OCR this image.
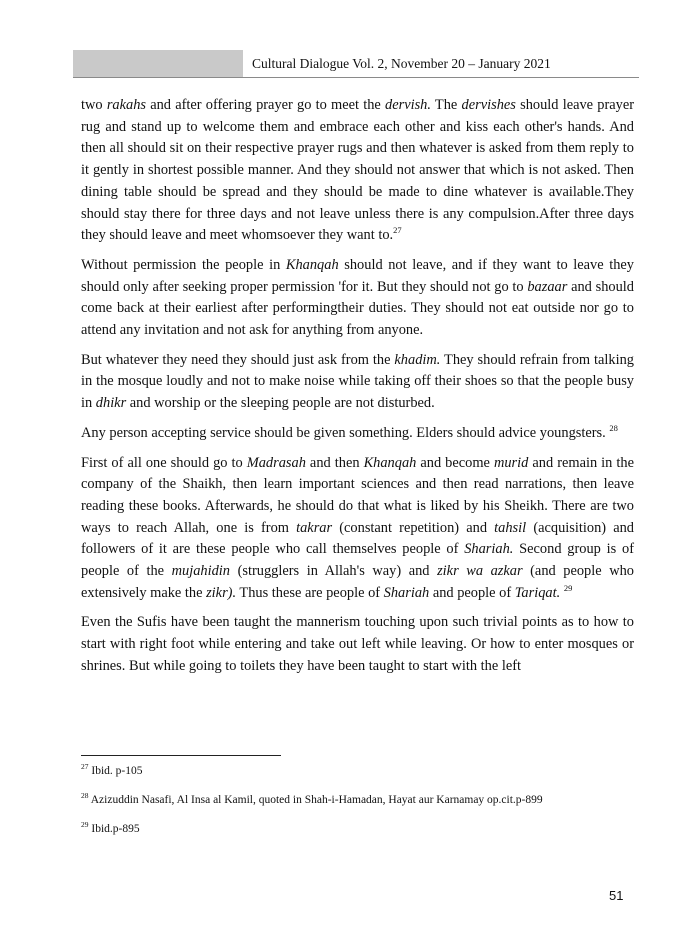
Cultural Dialogue Vol. 2, November 20 – January 2021

two rakahs and after offering prayer go to meet the dervish. The dervishes should leave prayer rug and stand up to welcome them and embrace each other and kiss each other's hands. And then all should sit on their respective prayer rugs and then whatever is asked from them reply to it gently in shortest possible manner. And they should not answer that which is not asked. Then dining table should be spread and they should be made to dine whatever is available.They should stay there for three days and not leave unless there is any compulsion.After three days they should leave and meet whomsoever they want to.$^{27}$

Without permission the people in Khanqah should not leave, and if they want to leave they should only after seeking proper permission 'for it. But they should not go to bazaar and should come back at their earliest after performingtheir duties. They should not eat outside nor go to attend any invitation and not ask for anything from anyone.

But whatever they need they should just ask from the khadim. They should refrain from talking in the mosque loudly and not to make noise while taking off their shoes so that the people busy in dhikr and worship or the sleeping people are not disturbed.

Any person accepting service should be given something. Elders should advice youngsters. $^{28}$

First of all one should go to Madrasah and then Khanqah and become murid and remain in the company of the Shaikh, then learn important sciences and then read narrations, then leave reading these books. Afterwards, he should do that what is liked by his Sheikh. There are two ways to reach Allah, one is from takrar (constant repetition) and tahsil (acquisition) and followers of it are these people who call themselves people of Shariah. Second group is of people of the mujahidin (strugglers in Allah's way) and zikr wa azkar (and people who extensively make the zikr). Thus these are people of Shariah and people of Tariqat. $^{29}$

Even the Sufis have been taught the mannerism touching upon such trivial points as to how to start with right foot while entering and take out left while leaving. Or how to enter mosques or shrines. But while going to toilets they have been taught to start with the left

$^{27}$ Ibid. p-105

$^{28}$ Azizuddin Nasafi, Al Insa al Kamil, quoted in Shah-i-Hamadan, Hayat aur Karnamay op.cit.p-899

$^{29}$ Ibid.p-895

51
